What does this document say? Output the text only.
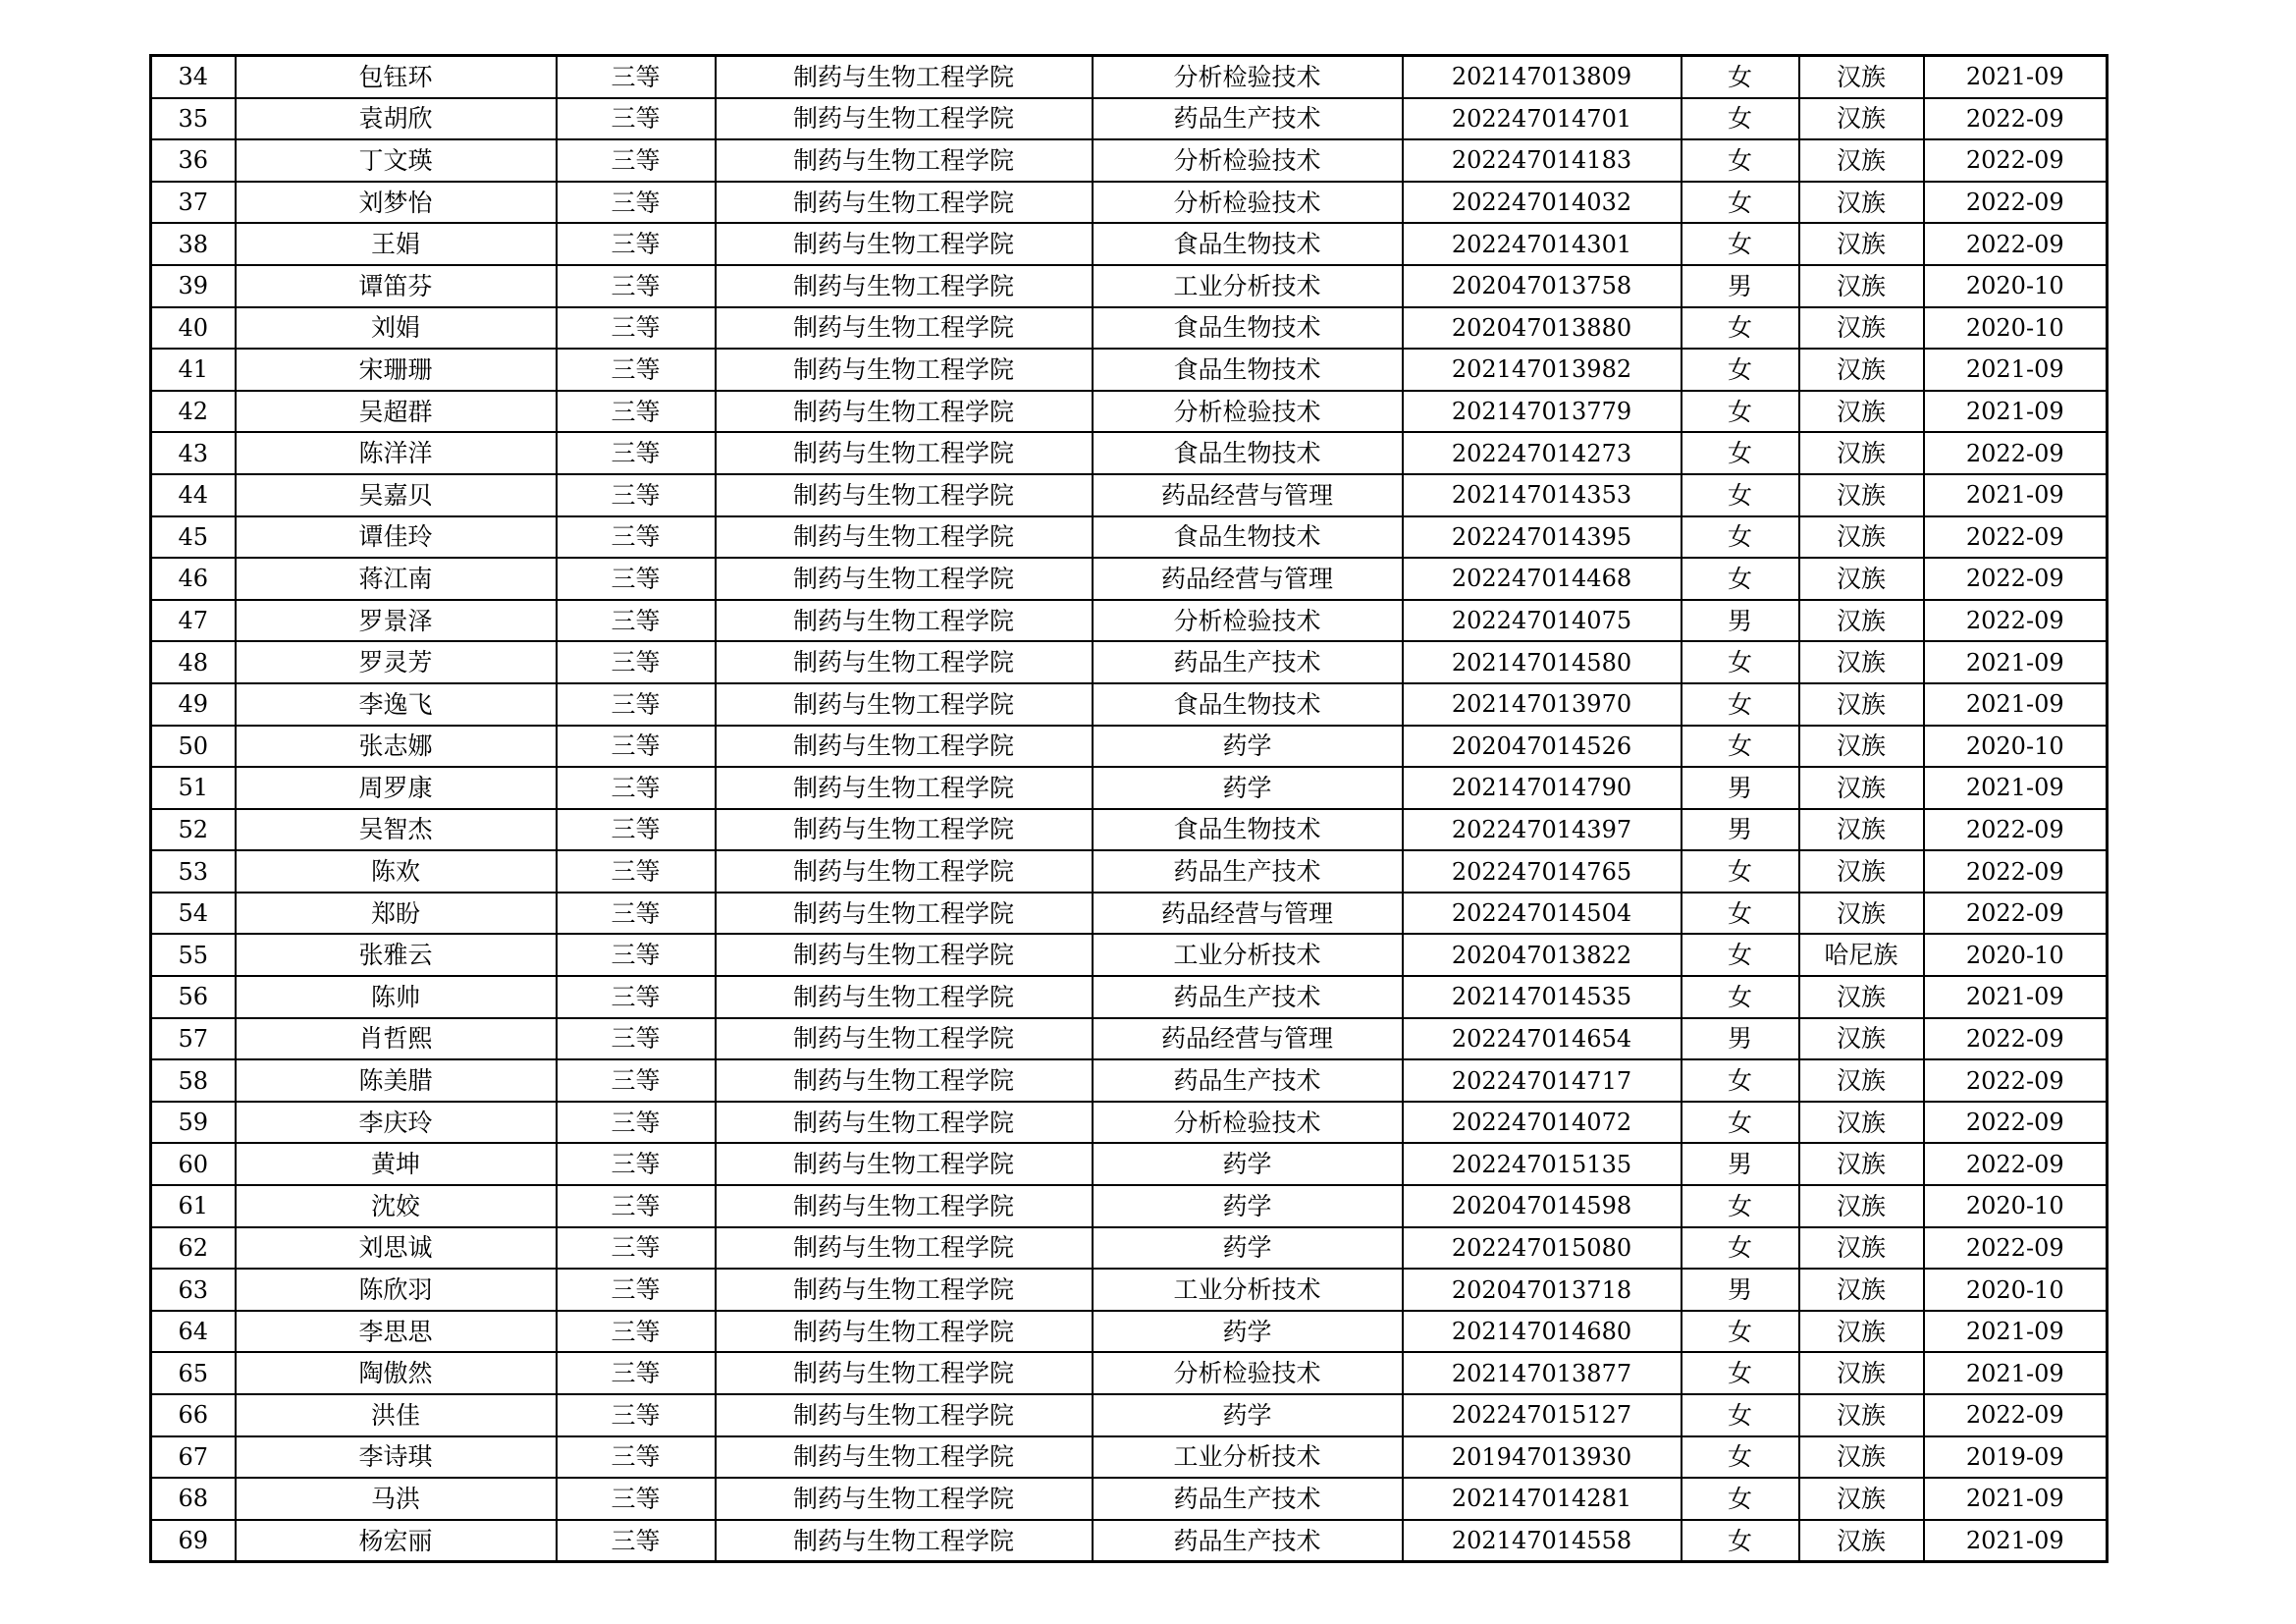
34	包钰环	三等	制药与生物工程学院	分析检验技术	202147013809	女	汉族	2021-09
35	袁胡欣	三等	制药与生物工程学院	药品生产技术	202247014701	女	汉族	2022-09
36	丁文瑛	三等	制药与生物工程学院	分析检验技术	202247014183	女	汉族	2022-09
37	刘梦怡	三等	制药与生物工程学院	分析检验技术	202247014032	女	汉族	2022-09
38	王娟	三等	制药与生物工程学院	食品生物技术	202247014301	女	汉族	2022-09
39	谭笛芬	三等	制药与生物工程学院	工业分析技术	202047013758	男	汉族	2020-10
40	刘娟	三等	制药与生物工程学院	食品生物技术	202047013880	女	汉族	2020-10
41	宋珊珊	三等	制药与生物工程学院	食品生物技术	202147013982	女	汉族	2021-09
42	吴超群	三等	制药与生物工程学院	分析检验技术	202147013779	女	汉族	2021-09
43	陈洋洋	三等	制药与生物工程学院	食品生物技术	202247014273	女	汉族	2022-09
44	吴嘉贝	三等	制药与生物工程学院	药品经营与管理	202147014353	女	汉族	2021-09
45	谭佳玲	三等	制药与生物工程学院	食品生物技术	202247014395	女	汉族	2022-09
46	蒋江南	三等	制药与生物工程学院	药品经营与管理	202247014468	女	汉族	2022-09
47	罗景泽	三等	制药与生物工程学院	分析检验技术	202247014075	男	汉族	2022-09
48	罗灵芳	三等	制药与生物工程学院	药品生产技术	202147014580	女	汉族	2021-09
49	李逸飞	三等	制药与生物工程学院	食品生物技术	202147013970	女	汉族	2021-09
50	张志娜	三等	制药与生物工程学院	药学	202047014526	女	汉族	2020-10
51	周罗康	三等	制药与生物工程学院	药学	202147014790	男	汉族	2021-09
52	吴智杰	三等	制药与生物工程学院	食品生物技术	202247014397	男	汉族	2022-09
53	陈欢	三等	制药与生物工程学院	药品生产技术	202247014765	女	汉族	2022-09
54	郑盼	三等	制药与生物工程学院	药品经营与管理	202247014504	女	汉族	2022-09
55	张雅云	三等	制药与生物工程学院	工业分析技术	202047013822	女	哈尼族	2020-10
56	陈帅	三等	制药与生物工程学院	药品生产技术	202147014535	女	汉族	2021-09
57	肖哲熙	三等	制药与生物工程学院	药品经营与管理	202247014654	男	汉族	2022-09
58	陈美腊	三等	制药与生物工程学院	药品生产技术	202247014717	女	汉族	2022-09
59	李庆玲	三等	制药与生物工程学院	分析检验技术	202247014072	女	汉族	2022-09
60	黄坤	三等	制药与生物工程学院	药学	202247015135	男	汉族	2022-09
61	沈姣	三等	制药与生物工程学院	药学	202047014598	女	汉族	2020-10
62	刘思诚	三等	制药与生物工程学院	药学	202247015080	女	汉族	2022-09
63	陈欣羽	三等	制药与生物工程学院	工业分析技术	202047013718	男	汉族	2020-10
64	李思思	三等	制药与生物工程学院	药学	202147014680	女	汉族	2021-09
65	陶傲然	三等	制药与生物工程学院	分析检验技术	202147013877	女	汉族	2021-09
66	洪佳	三等	制药与生物工程学院	药学	202247015127	女	汉族	2022-09
67	李诗琪	三等	制药与生物工程学院	工业分析技术	201947013930	女	汉族	2019-09
68	马洪	三等	制药与生物工程学院	药品生产技术	202147014281	女	汉族	2021-09
69	杨宏丽	三等	制药与生物工程学院	药品生产技术	202147014558	女	汉族	2021-09
